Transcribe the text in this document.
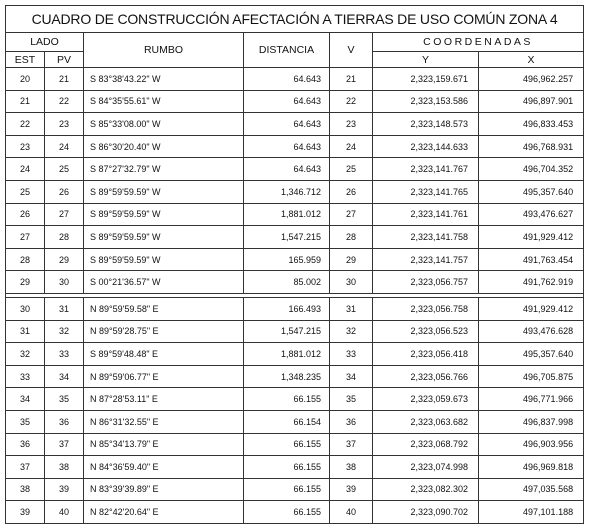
CUADRO DE CONSTRUCCIÓN AFECTACIÓN A TIERRAS DE USO COMÚN ZONA 4						
LADO		RUMBO	DISTANCIA	V	COORDENADAS	
EST	PV				Y	X
20	21	S 83°38'43.22" W	64.643	21	2,323,159.671	496,962.257
21	22	S 84°35'55.61" W	64.643	22	2,323,153.586	496,897.901
22	23	S 85°33'08.00" W	64.643	23	2,323,148.573	496,833.453
23	24	S 86°30'20.40" W	64.643	24	2,323,144.633	496,768.931
24	25	S 87°27'32.79" W	64.643	25	2,323,141.767	496,704.352
25	26	S 89°59'59.59" W	1,346.712	26	2,323,141.765	495,357.640
26	27	S 89°59'59.59" W	1,881.012	27	2,323,141.761	493,476.627
27	28	S 89°59'59.59" W	1,547.215	28	2,323,141.758	491,929.412
28	29	S 89°59'59.59" W	165.959	29	2,323,141.757	491,763.454
29	30	S 00°21'36.57" W	85.002	30	2,323,056.757	491,762.919

30	31	N 89°59'59.58" E	166.493	31	2,323,056.758	491,929.412
31	32	N 89°59'28.75" E	1,547.215	32	2,323,056.523	493,476.628
32	33	S 89°59'48.48" E	1,881.012	33	2,323,056.418	495,357.640
33	34	N 89°59'06.77" E	1,348.235	34	2,323,056.766	496,705.875
34	35	N 87°28'53.11" E	66.155	35	2,323,059.673	496,771.966
35	36	N 86°31'32.55" E	66.154	36	2,323,063.682	496,837.998
36	37	N 85°34'13.79" E	66.155	37	2,323,068.792	496,903.956
37	38	N 84°36'59.40" E	66.155	38	2,323,074.998	496,969.818
38	39	N 83°39'39.89" E	66.155	39	2,323,082.302	497,035.568
39	40	N 82°42'20.64" E	66.155	40	2,323,090.702	497,101.188
